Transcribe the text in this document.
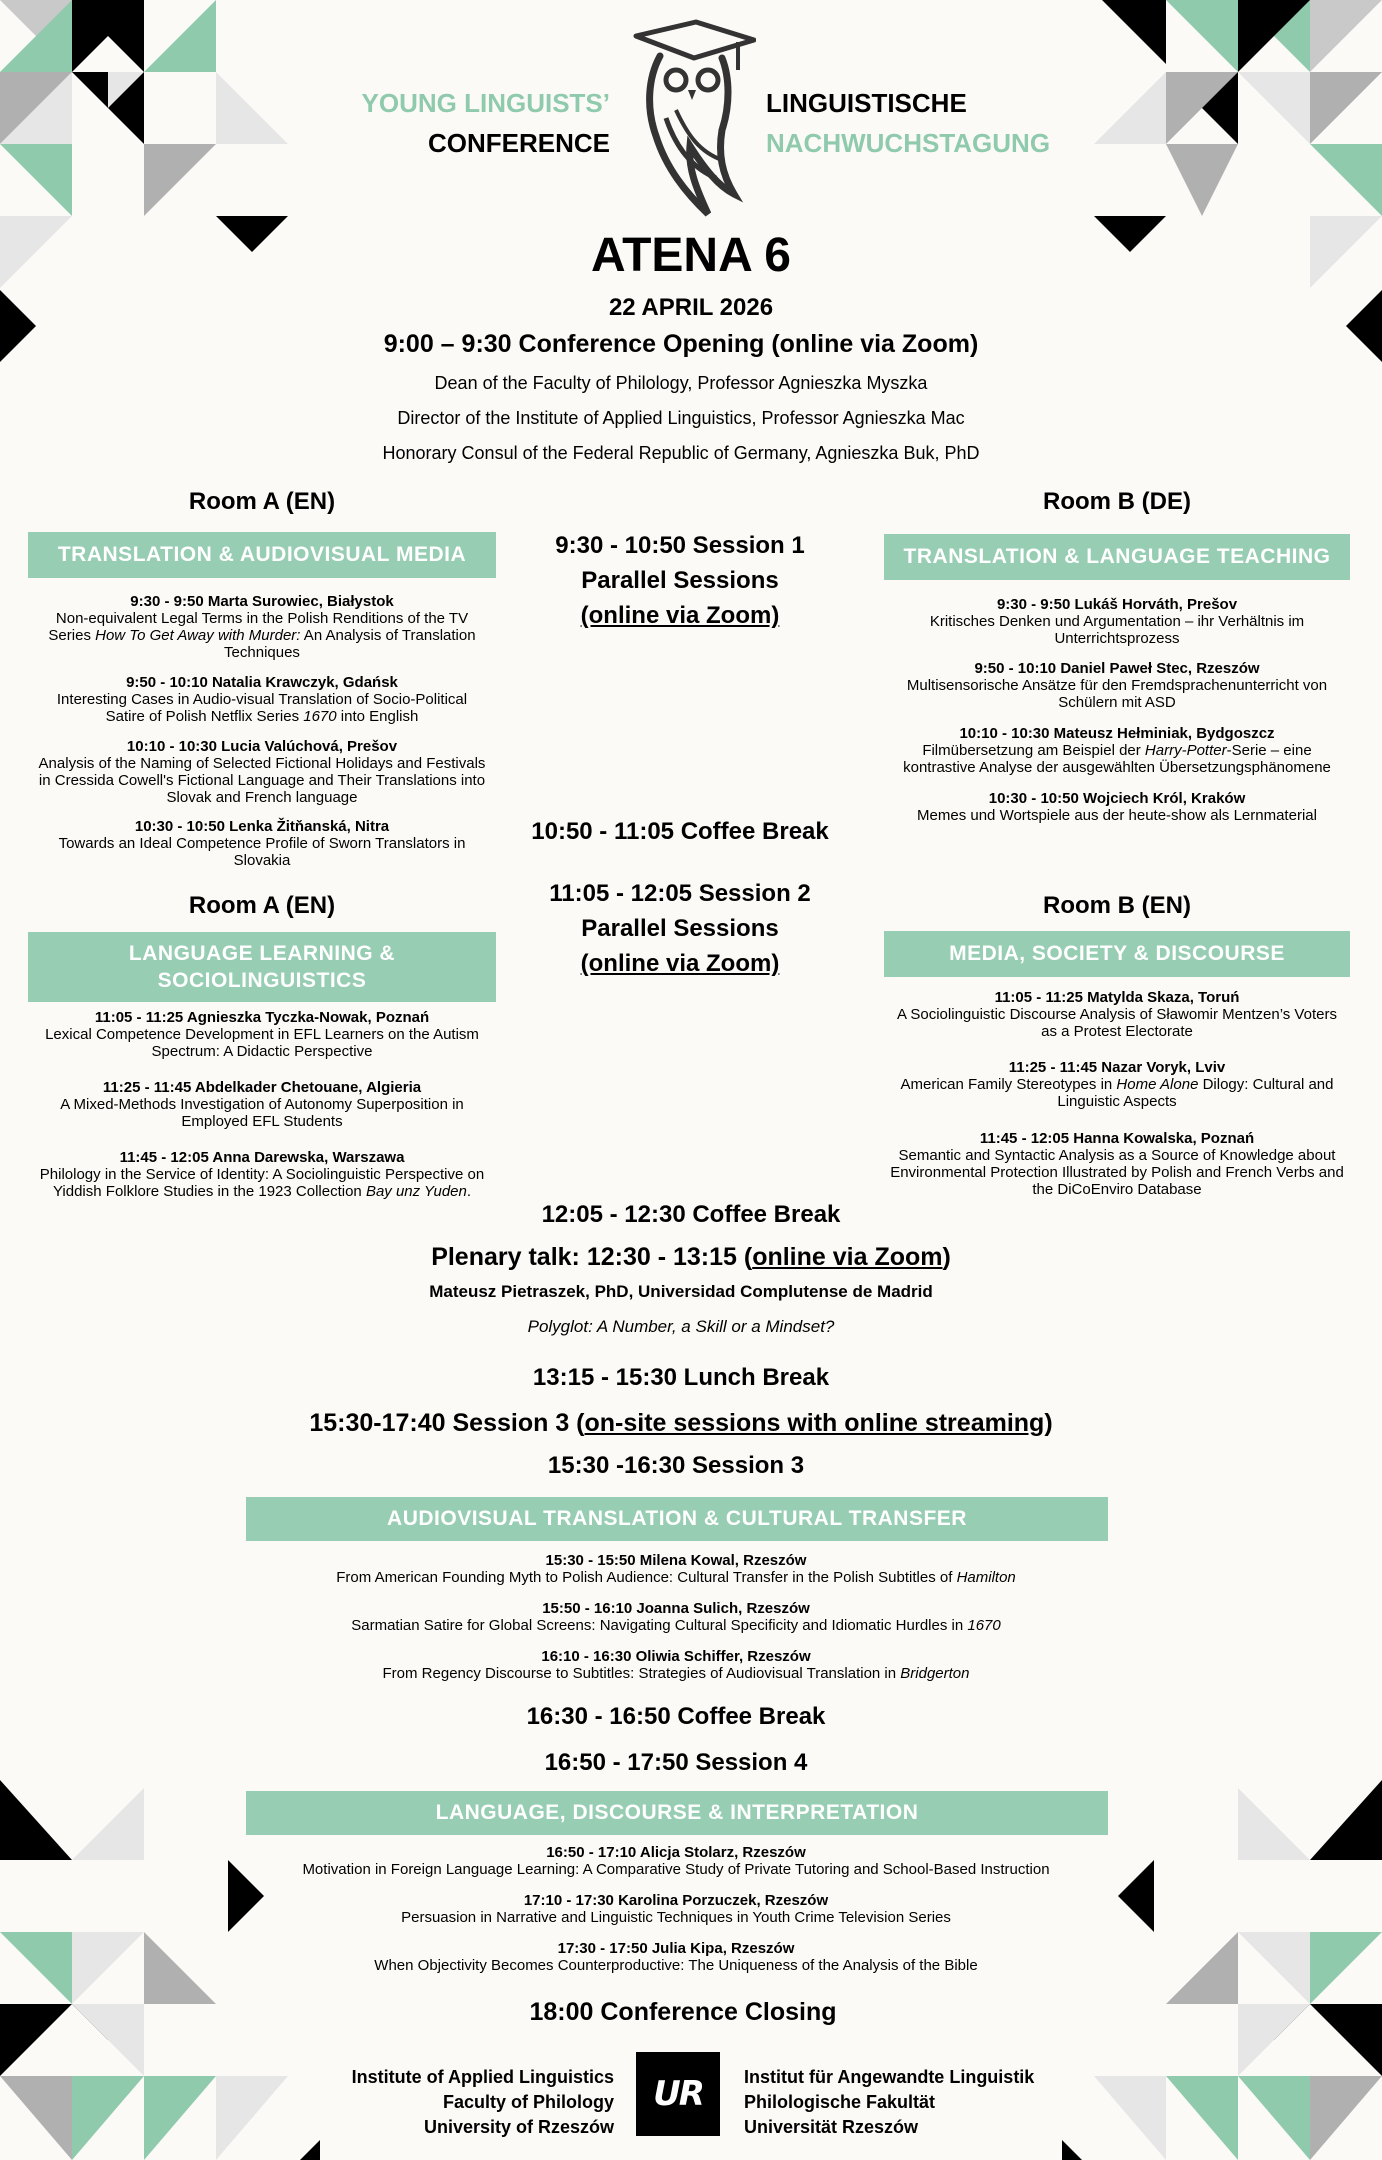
YOUNG LINGUISTS’
CONFERENCE
LINGUISTISCHE
NACHWUCHSTAGUNG
ATENA 6
22 APRIL 2026
9:00 – 9:30 Conference Opening (online via Zoom)
Dean of the Faculty of Philology, Professor Agnieszka Myszka
Director of the Institute of Applied Linguistics, Professor Agnieszka Mac
Honorary Consul of the Federal Republic of Germany, Agnieszka Buk, PhD
9:30 - 10:50 Session 1
Parallel Sessions
(online via Zoom)
10:50 - 11:05 Coffee Break
11:05 - 12:05 Session 2
Parallel Sessions
(online via Zoom)
Room A (EN)
TRANSLATION & AUDIOVISUAL MEDIA
9:30 - 9:50 Marta Surowiec, Białystok
Non-equivalent Legal Terms in the Polish Renditions of the TV
Series How To Get Away with Murder: An Analysis of Translation
Techniques
9:50 - 10:10 Natalia Krawczyk, Gdańsk
Interesting Cases in Audio-visual Translation of Socio-Political
Satire of Polish Netflix Series 1670 into English
10:10 - 10:30 Lucia Valúchová, Prešov
Analysis of the Naming of Selected Fictional Holidays and Festivals
in Cressida Cowell's Fictional Language and Their Translations into
Slovak and French language
10:30 - 10:50 Lenka Žitňanská, Nitra
Towards an Ideal Competence Profile of Sworn Translators in
Slovakia
Room B (DE)
TRANSLATION & LANGUAGE TEACHING
9:30 - 9:50 Lukáš Horváth, Prešov
Kritisches Denken und Argumentation – ihr Verhältnis im
Unterrichtsprozess
9:50 - 10:10 Daniel Paweł Stec, Rzeszów
Multisensorische Ansätze für den Fremdsprachenunterricht von
Schülern mit ASD
10:10 - 10:30 Mateusz Hełminiak, Bydgoszcz
Filmübersetzung am Beispiel der Harry-Potter-Serie – eine
kontrastive Analyse der ausgewählten Übersetzungsphänomene
10:30 - 10:50 Wojciech Król, Kraków
Memes und Wortspiele aus der heute-show als Lernmaterial
Room A (EN)
LANGUAGE LEARNING &
SOCIOLINGUISTICS
11:05 - 11:25 Agnieszka Tyczka-Nowak, Poznań
Lexical Competence Development in EFL Learners on the Autism
Spectrum: A Didactic Perspective
11:25 - 11:45 Abdelkader Chetouane, Algieria
A Mixed-Methods Investigation of Autonomy Superposition in
Employed EFL Students
11:45 - 12:05 Anna Darewska, Warszawa
Philology in the Service of Identity: A Sociolinguistic Perspective on
Yiddish Folklore Studies in the 1923 Collection Bay unz Yuden.
Room B (EN)
MEDIA, SOCIETY & DISCOURSE
11:05 - 11:25 Matylda Skaza, Toruń
A Sociolinguistic Discourse Analysis of Sławomir Mentzen’s Voters
as a Protest Electorate
11:25 - 11:45 Nazar Voryk, Lviv
American Family Stereotypes in Home Alone Dilogy: Cultural and
Linguistic Aspects
11:45 - 12:05 Hanna Kowalska, Poznań
Semantic and Syntactic Analysis as a Source of Knowledge about
Environmental Protection Illustrated by Polish and French Verbs and
the DiCoEnviro Database
12:05 - 12:30 Coffee Break
Plenary talk: 12:30 - 13:15 (online via Zoom)
Mateusz Pietraszek, PhD, Universidad Complutense de Madrid
Polyglot: A Number, a Skill or a Mindset?
13:15 - 15:30 Lunch Break
15:30-17:40 Session 3 (on-site sessions with online streaming)
15:30 -16:30 Session 3
AUDIOVISUAL TRANSLATION & CULTURAL TRANSFER
15:30 - 15:50 Milena Kowal, Rzeszów
From American Founding Myth to Polish Audience: Cultural Transfer in the Polish Subtitles of Hamilton
15:50 - 16:10 Joanna Sulich, Rzeszów
Sarmatian Satire for Global Screens: Navigating Cultural Specificity and Idiomatic Hurdles in 1670
16:10 - 16:30 Oliwia Schiffer, Rzeszów
From Regency Discourse to Subtitles: Strategies of Audiovisual Translation in Bridgerton
16:30 - 16:50 Coffee Break
16:50 - 17:50 Session 4
LANGUAGE, DISCOURSE & INTERPRETATION
16:50 - 17:10 Alicja Stolarz, Rzeszów
Motivation in Foreign Language Learning: A Comparative Study of Private Tutoring and School-Based Instruction
17:10 - 17:30 Karolina Porzuczek, Rzeszów
Persuasion in Narrative and Linguistic Techniques in Youth Crime Television Series
17:30 - 17:50 Julia Kipa, Rzeszów
When Objectivity Becomes Counterproductive: The Uniqueness of the Analysis of the Bible
18:00 Conference Closing
Institute of Applied Linguistics
Faculty of Philology
University of Rzeszów
UR Institut für Angewandte Linguistik
Philologische Fakultät
Universität Rzeszów
